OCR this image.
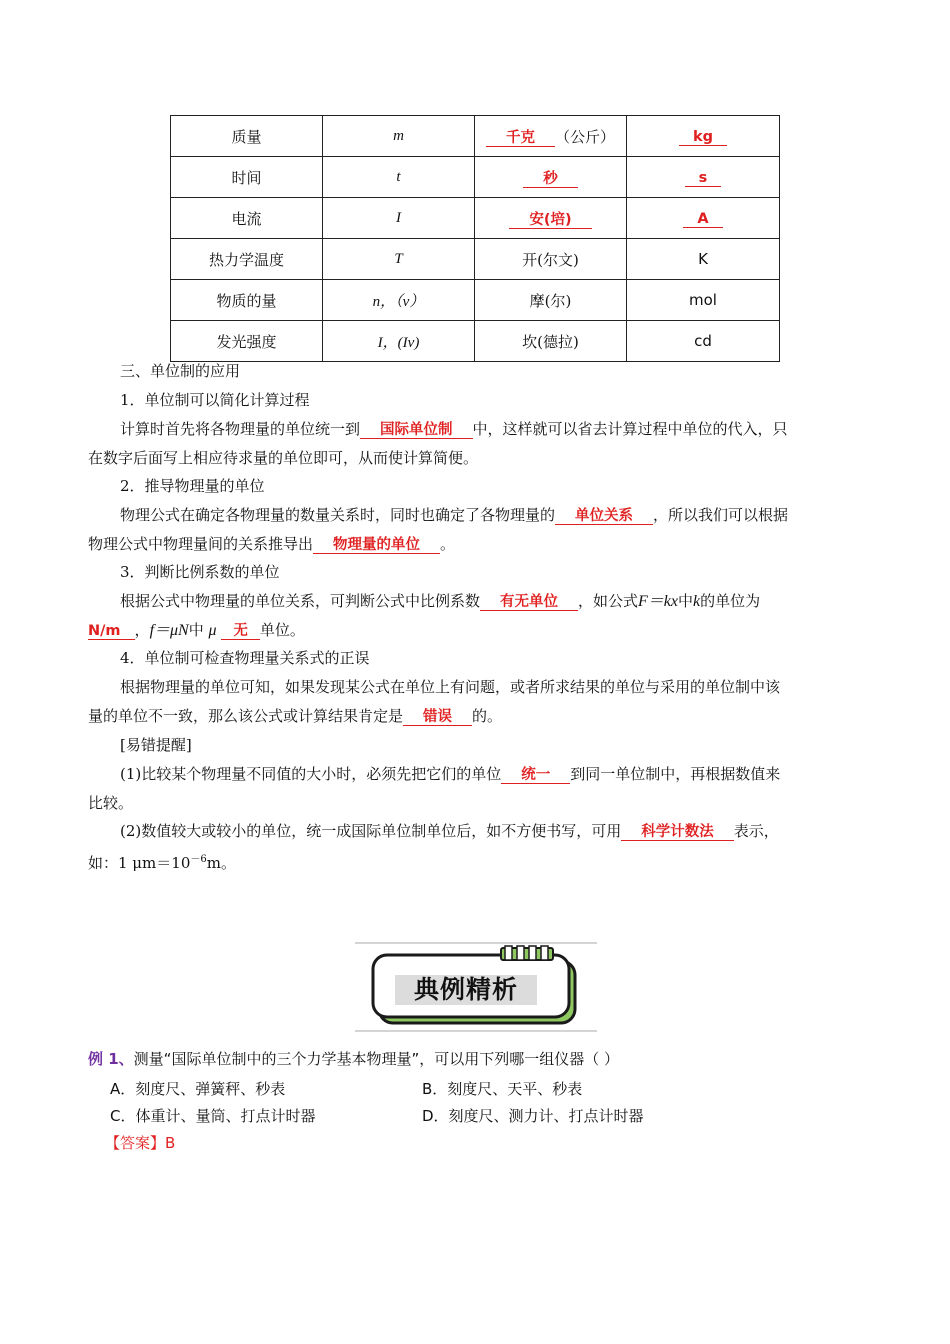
质量	m	千克 （公斤）	kg
时间	t	秒	s
电流	I	安(培)	A
热力学温度	T	开(尔文)	K
物质的量	n，（ν）	摩(尔)	mol
发光强度	I，(Iv)	坎(德拉)	cd
三、单位制的应用
1．单位制可以简化计算过程
计算时首先将各物理量的单位统一到 国际单位制 中，这样就可以省去计算过程中单位的代入，只
在数字后面写上相应待求量的单位即可，从而使计算简便。
2．推导物理量的单位
物理公式在确定各物理量的数量关系时，同时也确定了各物理量的 单位关系 ，所以我们可以根据
物理公式中物理量间的关系推导出 物理量的单位 。
3．判断比例系数的单位
根据公式中物理量的单位关系，可判断公式中比例系数 有无单位 ，如公式F＝kx中k的单位为
N/m ，f＝μN中 μ 无 单位。
4．单位制可检查物理量关系式的正误
根据物理量的单位可知，如果发现某公式在单位上有问题，或者所求结果的单位与采用的单位制中该
量的单位不一致，那么该公式或计算结果肯定是 错误 的。
[易错提醒]
(1)比较某个物理量不同值的大小时，必须先把它们的单位 统一 到同一单位制中，再根据数值来
比较。
(2)数值较大或较小的单位，统一成国际单位制单位后，如不方便书写，可用 科学计数法 表示，
如：1 $\mu m=10^{-6}m$。
典例精析
例 1、测量“国际单位制中的三个力学基本物理量”，可以用下列哪一组仪器（ ）
A．刻度尺、弹簧秤、秒表	B．刻度尺、天平、秒表
C．体重计、量筒、打点计时器	D．刻度尺、测力计、打点计时器
【答案】B
